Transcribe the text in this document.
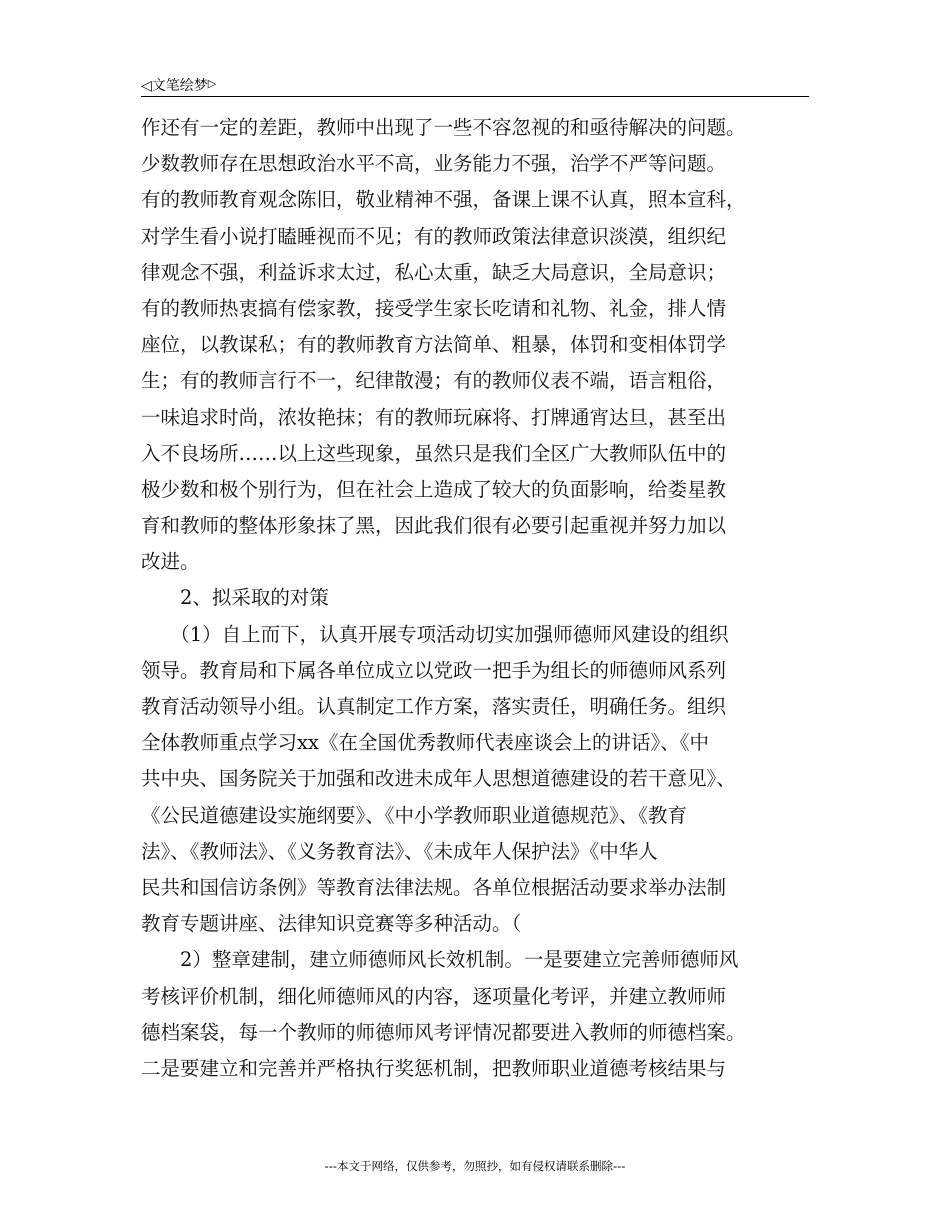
◁文笔绘梦▷
作还有一定的差距，教师中出现了一些不容忽视的和亟待解决的问题。
少数教师存在思想政治水平不高，业务能力不强，治学不严等问题。
有的教师教育观念陈旧，敬业精神不强，备课上课不认真，照本宣科，
对学生看小说打瞌睡视而不见；有的教师政策法律意识淡漠，组织纪
律观念不强，利益诉求太过，私心太重，缺乏大局意识，全局意识；
有的教师热衷搞有偿家教，接受学生家长吃请和礼物、礼金，排人情
座位，以教谋私；有的教师教育方法简单、粗暴，体罚和变相体罚学
生；有的教师言行不一，纪律散漫；有的教师仪表不端，语言粗俗，
一味追求时尚，浓妆艳抹；有的教师玩麻将、打牌通宵达旦，甚至出
入不良场所……以上这些现象，虽然只是我们全区广大教师队伍中的
极少数和极个别行为，但在社会上造成了较大的负面影响，给娄星教
育和教师的整体形象抹了黑，因此我们很有必要引起重视并努力加以
改进。
　　2、拟采取的对策
　　（1）自上而下，认真开展专项活动切实加强师德师风建设的组织
领导。教育局和下属各单位成立以党政一把手为组长的师德师风系列
教育活动领导小组。认真制定工作方案，落实责任，明确任务。组织
全体教师重点学习xx《在全国优秀教师代表座谈会上的讲话》、《中
共中央、国务院关于加强和改进未成年人思想道德建设的若干意见》、
《公民道德建设实施纲要》、《中小学教师职业道德规范》、《教育
法》、《教师法》、《义务教育法》、《未成年人保护法》《中华人
民共和国信访条例》等教育法律法规。各单位根据活动要求举办法制
教育专题讲座、法律知识竞赛等多种活动。（
　　2）整章建制，建立师德师风长效机制。一是要建立完善师德师风
考核评价机制，细化师德师风的内容，逐项量化考评，并建立教师师
德档案袋，每一个教师的师德师风考评情况都要进入教师的师德档案。
二是要建立和完善并严格执行奖惩机制，把教师职业道德考核结果与
---本文于网络，仅供参考，勿照抄，如有侵权请联系删除---
